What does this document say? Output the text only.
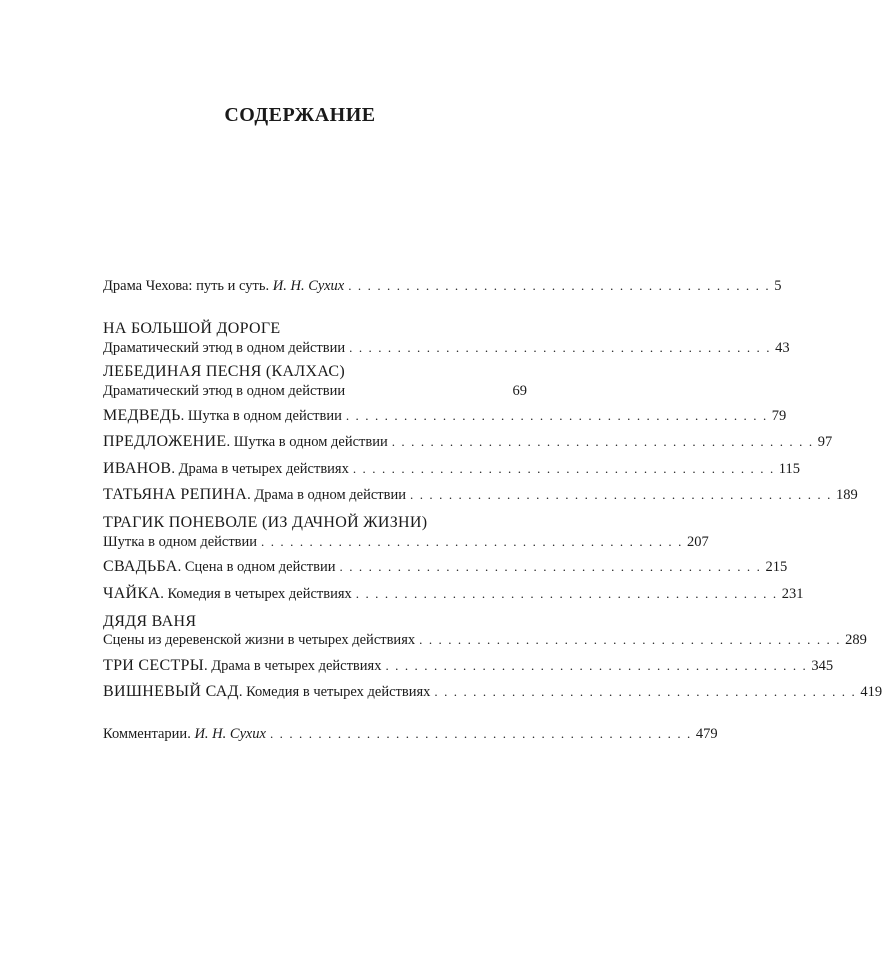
СОДЕРЖАНИЕ
Драма Чехова: путь и суть. И. Н. Сухих . . . . . . . . . . . . . . . . . . . . . . . . . . . . . . . . . . . . . . . . . . . . 5
НА БОЛЬШОЙ ДОРОГЕ
Драматический этюд в одном действии . . . . . . . . . . . . . . . . . . . . . . . . . . . . . . . . . . . . . . . . . . . . 43
ЛЕБЕДИНАЯ ПЕСНЯ (КАЛХАС)
Драматический этюд в одном действии	69
МЕДВЕДЬ. Шутка в одном действии . . . . . . . . . . . . . . . . . . . . . . . . . . . . . . . . . . . . . . . . . . . . 79
ПРЕДЛОЖЕНИЕ. Шутка в одном действии . . . . . . . . . . . . . . . . . . . . . . . . . . . . . . . . . . . . . . . . . . . . 97
ИВАНОВ. Драма в четырех действиях . . . . . . . . . . . . . . . . . . . . . . . . . . . . . . . . . . . . . . . . . . . . 115
ТАТЬЯНА РЕПИНА. Драма в одном действии . . . . . . . . . . . . . . . . . . . . . . . . . . . . . . . . . . . . . . . . . . . . 189
ТРАГИК ПОНЕВОЛЕ (ИЗ ДАЧНОЙ ЖИЗНИ)
Шутка в одном действии . . . . . . . . . . . . . . . . . . . . . . . . . . . . . . . . . . . . . . . . . . . . 207
СВАДЬБА. Сцена в одном действии . . . . . . . . . . . . . . . . . . . . . . . . . . . . . . . . . . . . . . . . . . . . 215
ЧАЙКА. Комедия в четырех действиях . . . . . . . . . . . . . . . . . . . . . . . . . . . . . . . . . . . . . . . . . . . . 231
ДЯДЯ ВАНЯ
Сцены из деревенской жизни в четырех действиях . . . . . . . . . . . . . . . . . . . . . . . . . . . . . . . . . . . . . . . . . . . . 289
ТРИ СЕСТРЫ. Драма в четырех действиях . . . . . . . . . . . . . . . . . . . . . . . . . . . . . . . . . . . . . . . . . . . . 345
ВИШНЕВЫЙ САД. Комедия в четырех действиях . . . . . . . . . . . . . . . . . . . . . . . . . . . . . . . . . . . . . . . . . . . . 419
Комментарии. И. Н. Сухих . . . . . . . . . . . . . . . . . . . . . . . . . . . . . . . . . . . . . . . . . . . . 479
